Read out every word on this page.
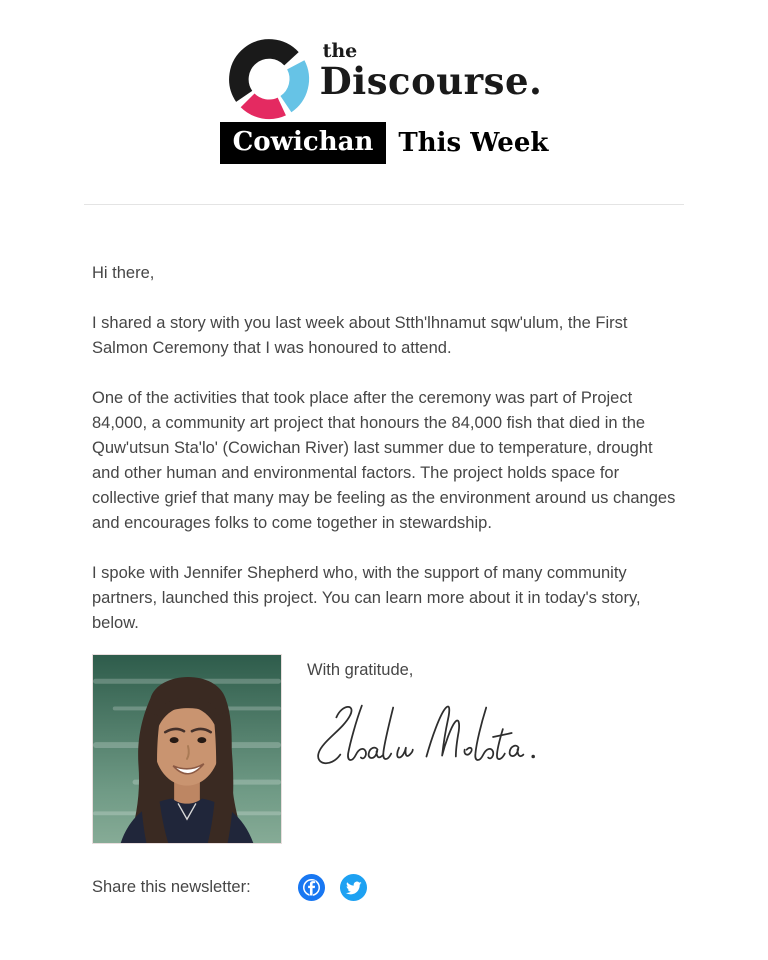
the
Discourse.
Cowichan This Week

Hi there,

I shared a story with you last week about Stth'lhnamut sqw'ulum, the First Salmon Ceremony that I was honoured to attend.

One of the activities that took place after the ceremony was part of Project 84,000, a community art project that honours the 84,000 fish that died in the Quw'utsun Sta'lo' (Cowichan River) last summer due to temperature, drought and other human and environmental factors. The project holds space for collective grief that many may be feeling as the environment around us changes and encourages folks to come together in stewardship.

I spoke with Jennifer Shepherd who, with the support of many community partners, launched this project. You can learn more about it in today's story, below.

With gratitude,

Share this newsletter:
